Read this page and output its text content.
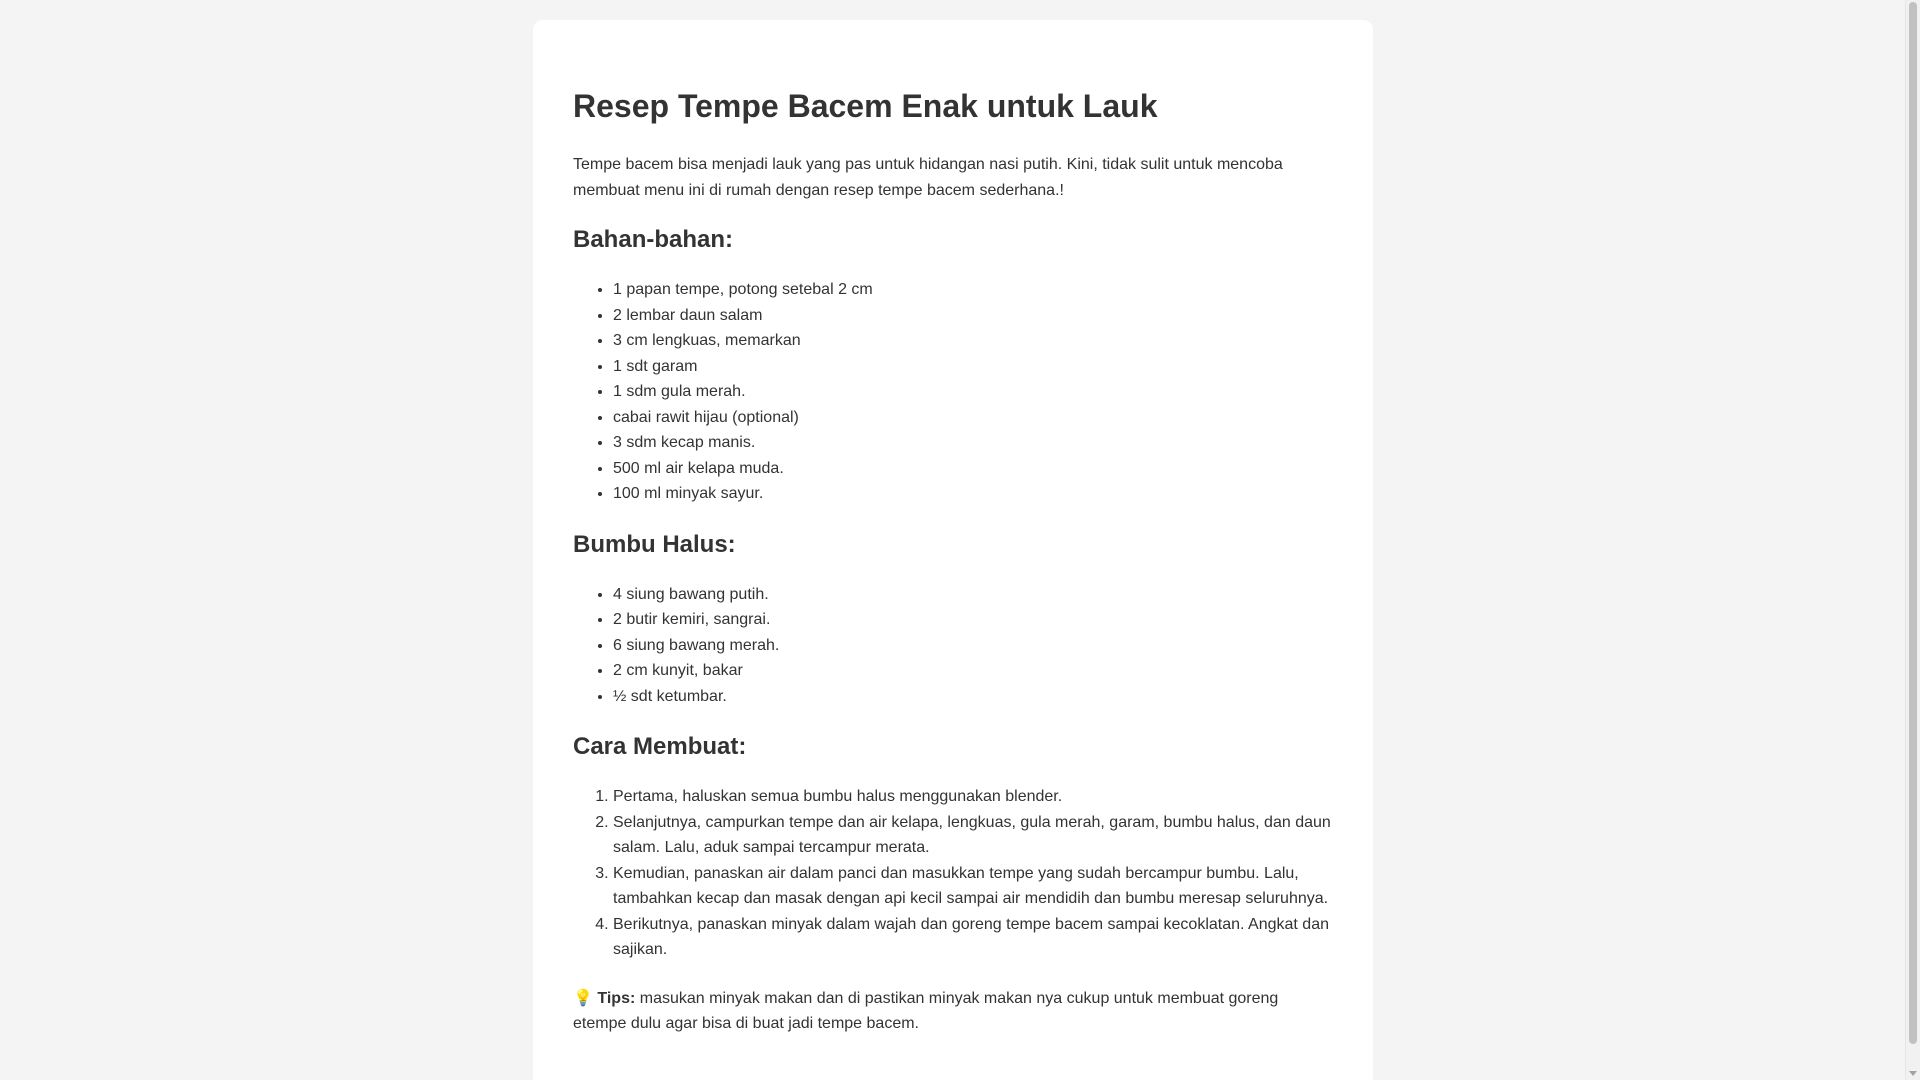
Resep Tempe Bacem Enak untuk Lauk

Tempe bacem bisa menjadi lauk yang pas untuk hidangan nasi putih. Kini, tidak sulit untuk mencoba membuat menu ini di rumah dengan resep tempe bacem sederhana.!

Bahan-bahan:
• 1 papan tempe, potong setebal 2 cm
• 2 lembar daun salam
• 3 cm lengkuas, memarkan
• 1 sdt garam
• 1 sdm gula merah.
• cabai rawit hijau (optional)
• 3 sdm kecap manis.
• 500 ml air kelapa muda.
• 100 ml minyak sayur.
Bumbu Halus:
• 4 siung bawang putih.
• 2 butir kemiri, sangrai.
• 6 siung bawang merah.
• 2 cm kunyit, bakar
• ½ sdt ketumbar.
Cara Membuat:
1. Pertama, haluskan semua bumbu halus menggunakan blender.
2. Selanjutnya, campurkan tempe dan air kelapa, lengkuas, gula merah, garam, bumbu halus, dan daun salam. Lalu, aduk sampai tercampur merata.
3. Kemudian, panaskan air dalam panci dan masukkan tempe yang sudah bercampur bumbu. Lalu, tambahkan kecap dan masak dengan api kecil sampai air mendidih dan bumbu meresap seluruhnya.
4. Berikutnya, panaskan minyak dalam wajah dan goreng tempe bacem sampai kecoklatan. Angkat dan sajikan.

💡 Tips: masukan minyak makan dan di pastikan minyak makan nya cukup untuk membuat goreng etempe dulu agar bisa di buat jadi tempe bacem.
